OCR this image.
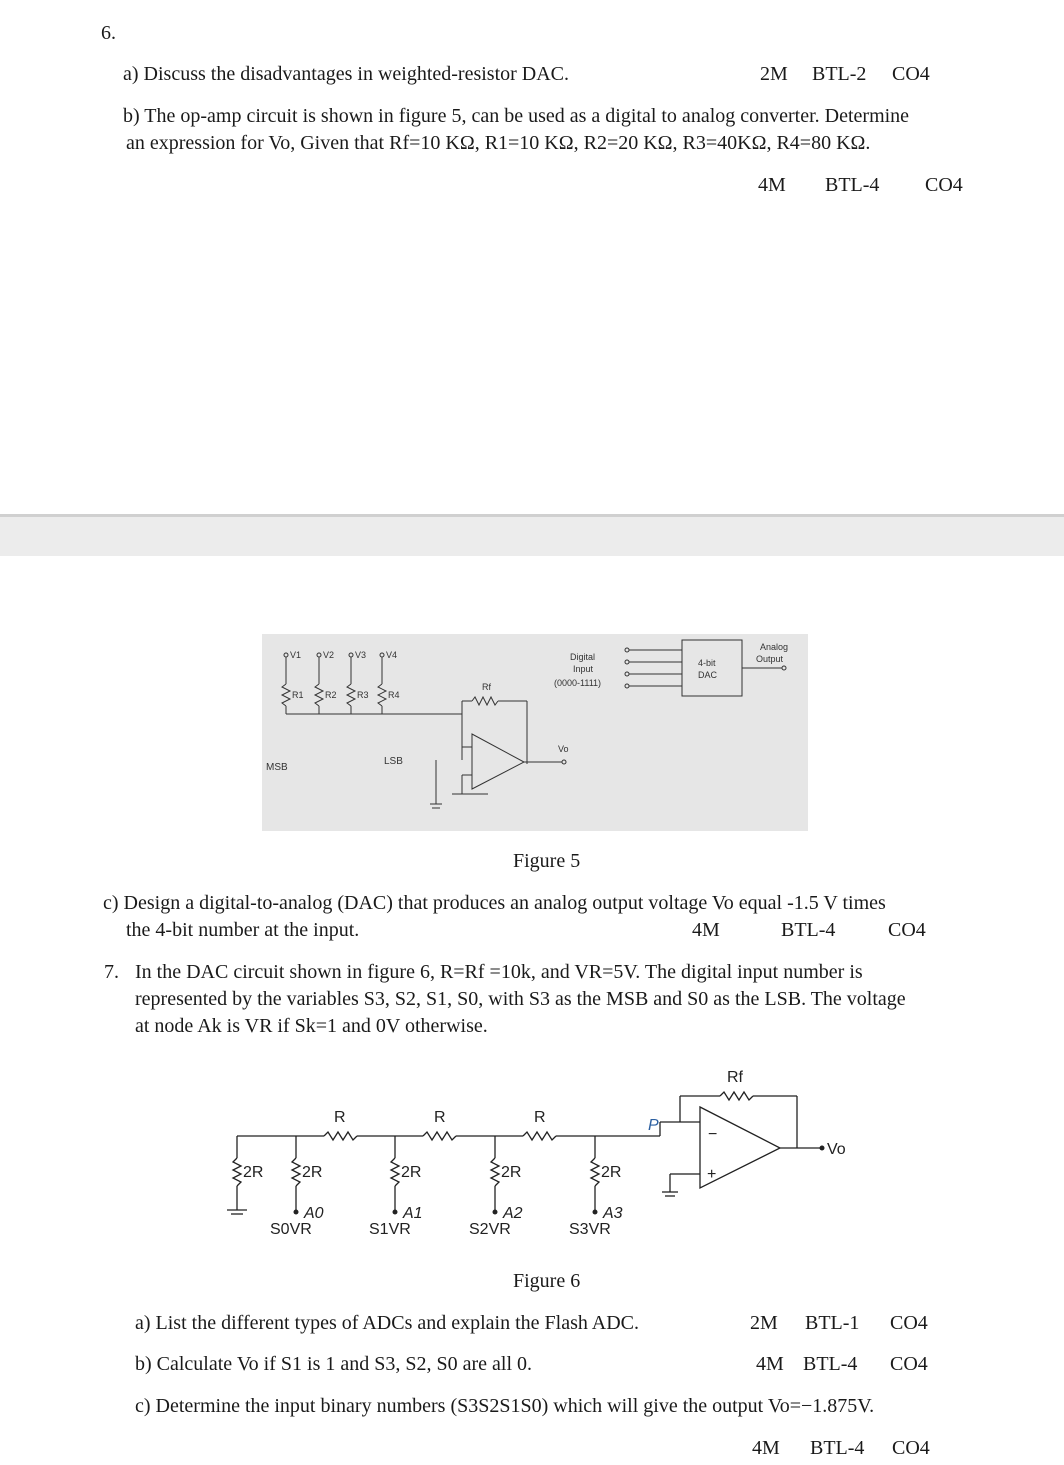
6.
a) Discuss the disadvantages in weighted-resistor DAC.	2M BTL-2 CO4
b) The op-amp circuit is shown in figure 5, can be used as a digital to analog converter. Determine
an expression for Vo, Given that Rf=10 KΩ, R1=10 KΩ, R2=20 KΩ, R3=40KΩ, R4=80 KΩ.
4M BTL-4 CO4
V1 V2 V3 V4
R1 R2 R3 R4
Rf
MSB
LSB
Vo
Digital
Input
(0000-1111)
4-bit
DAC
Analog
Output
Figure 5
c) Design a digital-to-analog (DAC) that produces an analog output voltage Vo equal -1.5 V times
the 4-bit number at the input.	4M	BTL-4	CO4
7. In the DAC circuit shown in figure 6, R=Rf =10k, and VR=5V. The digital input number is
represented by the variables S3, S2, S1, S0, with S3 as the MSB and S0 as the LSB. The voltage
at node Ak is VR if Sk=1 and 0V otherwise.
R	R	R
2R 2R	2R	2R	2R
Rf
P
−
+
Vo
A0	A1	A2	A3
S0VR	S1VR	S2VR	S3VR
Figure 6
a) List the different types of ADCs and explain the Flash ADC.	2M BTL-1 CO4
b) Calculate Vo if S1 is 1 and S3, S2, S0 are all 0.	4M BTL-4 CO4
c) Determine the input binary numbers (S3S2S1S0) which will give the output Vo=−1.875V.
4M BTL-4 CO4
